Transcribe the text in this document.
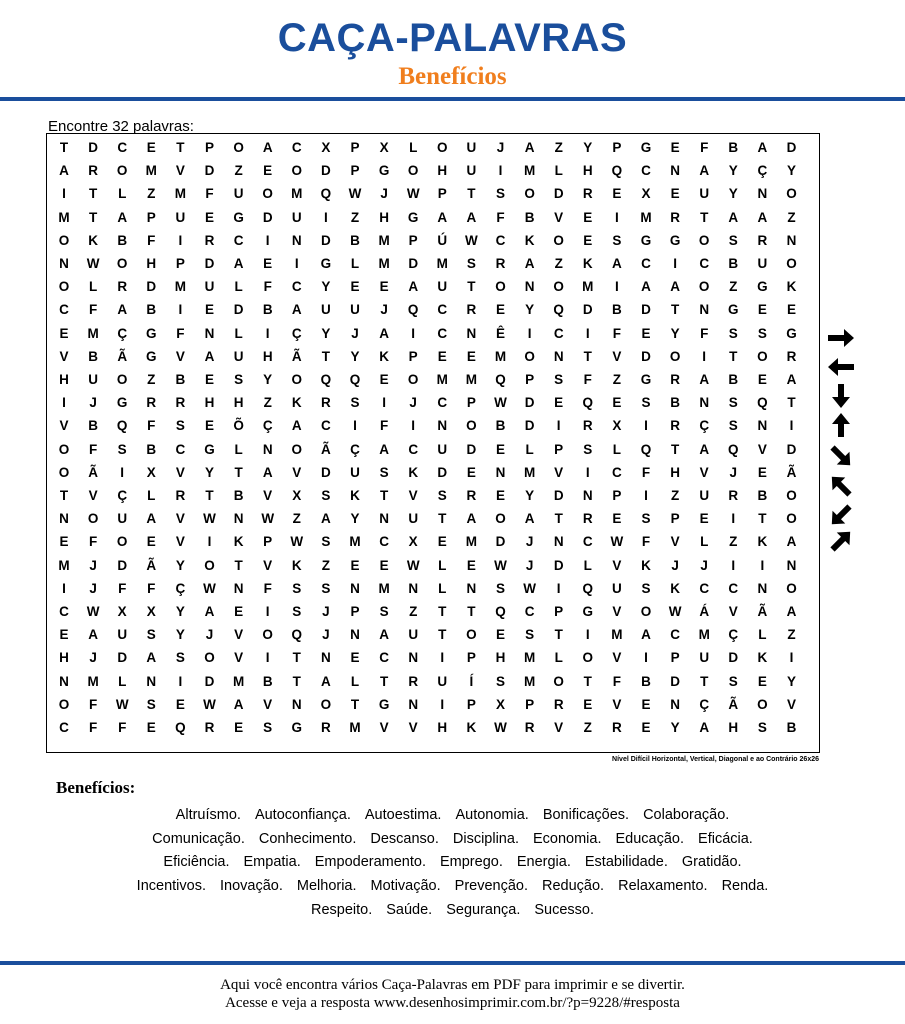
CAÇA-PALAVRAS
Benefícios
Encontre 32 palavras:
T	D	C	E	T	P	O	A	C	X	P	X	L	O	U	J	A	Z	Y	P	G	E	F	B	A	D
A	R	O	M	V	D	Z	E	O	D	P	G	O	H	U	I	M	L	H	Q	C	N	A	Y	Ç	Y
I	T	L	Z	M	F	U	O	M	Q	W	J	W	P	T	S	O	D	R	E	X	E	U	Y	N	O
M	T	A	P	U	E	G	D	U	I	Z	H	G	A	A	F	B	V	E	I	M	R	T	A	A	Z
O	K	B	F	I	R	C	I	N	D	B	M	P	Ú	W	C	K	O	E	S	G	G	O	S	R	N
N	W	O	H	P	D	A	E	I	G	L	M	D	M	S	R	A	Z	K	A	C	I	C	B	U	O
O	L	R	D	M	U	L	F	C	Y	E	E	A	U	T	O	N	O	M	I	A	A	O	Z	G	K
C	F	A	B	I	E	D	B	A	U	U	J	Q	C	R	E	Y	Q	D	B	D	T	N	G	E	E
E	M	Ç	G	F	N	L	I	Ç	Y	J	A	I	C	N	Ê	I	C	I	F	E	Y	F	S	S	G
V	B	Ã	G	V	A	U	H	Ã	T	Y	K	P	E	E	M	O	N	T	V	D	O	I	T	O	R
H	U	O	Z	B	E	S	Y	O	Q	Q	E	O	M	M	Q	P	S	F	Z	G	R	A	B	E	A
I	J	G	R	R	H	H	Z	K	R	S	I	J	C	P	W	D	E	Q	E	S	B	N	S	Q	T
V	B	Q	F	S	E	Õ	Ç	A	C	I	F	I	N	O	B	D	I	R	X	I	R	Ç	S	N	I
O	F	S	B	C	G	L	N	O	Ã	Ç	A	C	U	D	E	L	P	S	L	Q	T	A	Q	V	D
O	Ã	I	X	V	Y	T	A	V	D	U	S	K	D	E	N	M	V	I	C	F	H	V	J	E	Ã
T	V	Ç	L	R	T	B	V	X	S	K	T	V	S	R	E	Y	D	N	P	I	Z	U	R	B	O
N	O	U	A	V	W	N	W	Z	A	Y	N	U	T	A	O	A	T	R	E	S	P	E	I	T	O
E	F	O	E	V	I	K	P	W	S	M	C	X	E	M	D	J	N	C	W	F	V	L	Z	K	A
M	J	D	Ã	Y	O	T	V	K	Z	E	E	W	L	E	W	J	D	L	V	K	J	J	I	I	N
I	J	F	F	Ç	W	N	F	S	S	N	M	N	L	N	S	W	I	Q	U	S	K	C	C	N	O
C	W	X	X	Y	A	E	I	S	J	P	S	Z	T	T	Q	C	P	G	V	O	W	Á	V	Ã	A
E	A	U	S	Y	J	V	O	Q	J	N	A	U	T	O	E	S	T	I	M	A	C	M	Ç	L	Z
H	J	D	A	S	O	V	I	T	N	E	C	N	I	P	H	M	L	O	V	I	P	U	D	K	I
N	M	L	N	I	D	M	B	T	A	L	T	R	U	Í	S	M	O	T	F	B	D	T	S	E	Y
O	F	W	S	E	W	A	V	N	O	T	G	N	I	P	X	P	R	E	V	E	N	Ç	Ã	O	V
C	F	F	E	Q	R	E	S	G	R	M	V	V	H	K	W	R	V	Z	R	E	Y	A	H	S	B
Nível Difícil Horizontal, Vertical, Diagonal e ao Contrário 26x26
Benefícios:
Altruísmo. Autoconfiança. Autoestima. Autonomia. Bonificações. Colaboração.
Comunicação. Conhecimento. Descanso. Disciplina. Economia. Educação. Eficácia.
Eficiência. Empatia. Empoderamento. Emprego. Energia. Estabilidade. Gratidão.
Incentivos. Inovação. Melhoria. Motivação. Prevenção. Redução. Relaxamento. Renda.
Respeito. Saúde. Segurança. Sucesso.
Aqui você encontra vários Caça-Palavras em PDF para imprimir e se divertir.
Acesse e veja a resposta www.desenhosimprimir.com.br/?p=9228/#resposta
